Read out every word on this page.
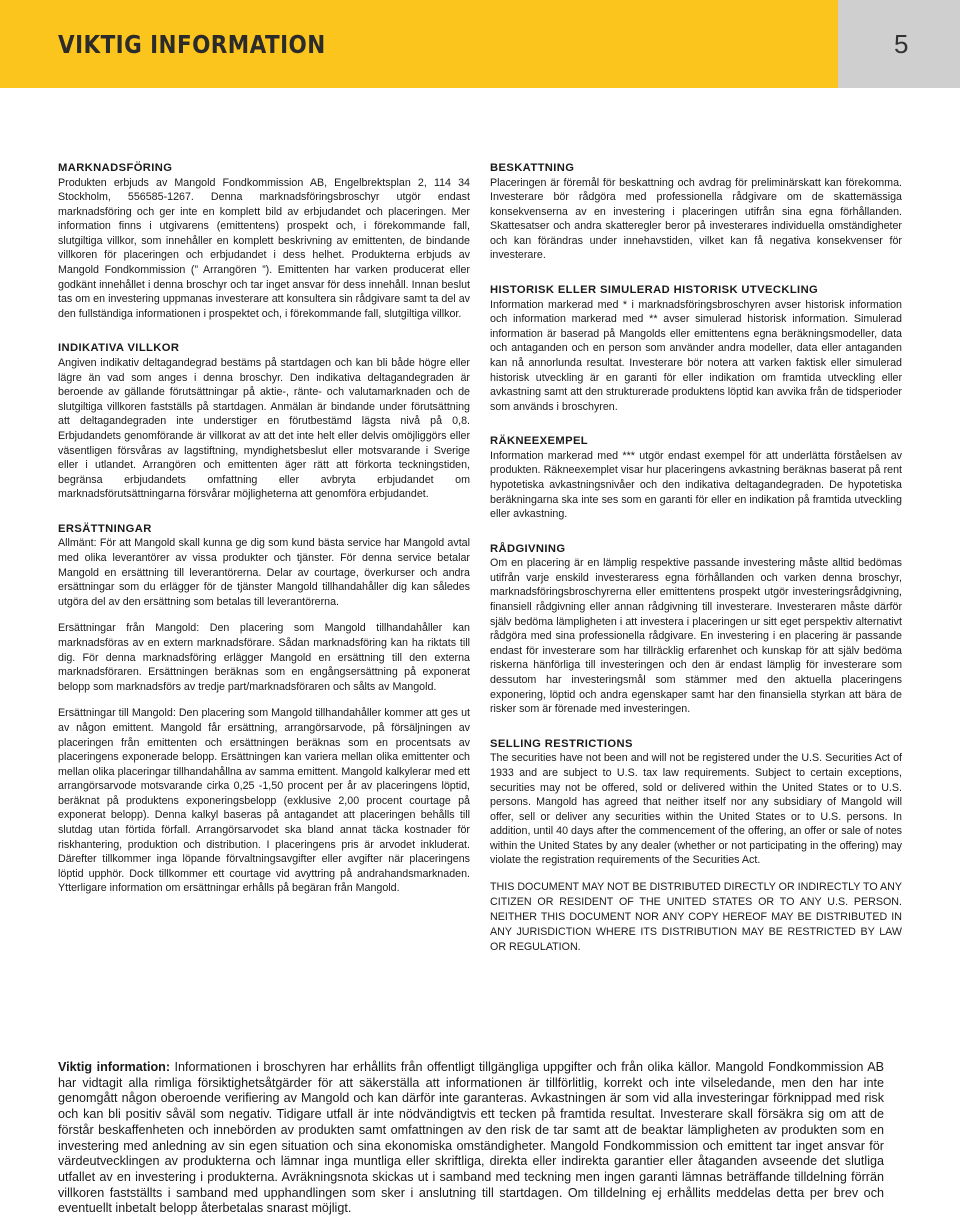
VIKTIG INFORMATION	5

MARKNADSFÖRING

Produkten erbjuds av Mangold Fondkommission AB, Engelbrektsplan 2, 114 34 Stockholm, 556585-1267. Denna marknadsföringsbroschyr utgör endast marknadsföring och ger inte en komplett bild av erbjudandet och placeringen. Mer information finns i utgivarens (emittentens) prospekt och, i förekommande fall, slutgiltiga villkor, som innehåller en komplett beskrivning av emittenten, de bindande villkoren för placeringen och erbjudandet i dess helhet. Produkterna erbjuds av Mangold Fondkommission (” Arrangören ”). Emittenten har varken producerat eller godkänt innehållet i denna broschyr och tar inget ansvar för dess innehåll. Innan beslut tas om en investering uppmanas investerare att konsultera sin rådgivare samt ta del av den fullständiga informationen i prospektet och, i förekommande fall, slutgiltiga villkor.

INDIKATIVA VILLKOR

Angiven indikativ deltagandegrad bestäms på startdagen och kan bli både högre eller lägre än vad som anges i denna broschyr. Den indikativa deltagandegraden är beroende av gällande förutsättningar på aktie-, ränte- och valutamarknaden och de slutgiltiga villkoren fastställs på startdagen. Anmälan är bindande under förutsättning att deltagandegraden inte understiger en förutbestämd lägsta nivå på 0,8. Erbjudandets genomförande är villkorat av att det inte helt eller delvis omöjliggörs eller väsentligen försvåras av lagstiftning, myndighetsbeslut eller motsvarande i Sverige eller i utlandet. Arrangören och emittenten äger rätt att förkorta teckningstiden, begränsa erbjudandets omfattning eller avbryta erbjudandet om marknadsförutsättningarna försvårar möjligheterna att genomföra erbjudandet.

ERSÄTTNINGAR

Allmänt: För att Mangold skall kunna ge dig som kund bästa service har Mangold avtal med olika leverantörer av vissa produkter och tjänster. För denna service betalar Mangold en ersättning till leverantörerna. Delar av courtage, överkurser och andra ersättningar som du erlägger för de tjänster Mangold tillhandahåller dig kan således utgöra del av den ersättning som betalas till leverantörerna.

Ersättningar från Mangold: Den placering som Mangold tillhandahåller kan marknadsföras av en extern marknadsförare. Sådan marknadsföring kan ha riktats till dig. För denna marknadsföring erlägger Mangold en ersättning till den externa marknadsföraren. Ersättningen beräknas som en engångsersättning på exponerat belopp som marknadsförs av tredje part/marknadsföraren och sålts av Mangold.

Ersättningar till Mangold: Den placering som Mangold tillhandahåller kommer att ges ut av någon emittent. Mangold får ersättning, arrangörsarvode, på försäljningen av placeringen från emittenten och ersättningen beräknas som en procentsats av placeringens exponerade belopp. Ersättningen kan variera mellan olika emittenter och mellan olika placeringar tillhandahållna av samma emittent. Mangold kalkylerar med ett arrangörsarvode motsvarande cirka 0,25 -1,50 procent per år av placeringens löptid, beräknat på produktens exponeringsbelopp (exklusive 2,00 procent courtage på exponerat belopp). Denna kalkyl baseras på antagandet att placeringen behålls till slutdag utan förtida förfall. Arrangörsarvodet ska bland annat täcka kostnader för riskhantering, produktion och distribution. I placeringens pris är arvodet inkluderat. Därefter tillkommer inga löpande förvaltningsavgifter eller avgifter när placeringens löptid upphör. Dock tillkommer ett courtage vid avyttring på andrahandsmarknaden. Ytterligare information om ersättningar erhålls på begäran från Mangold.

BESKATTNING

Placeringen är föremål för beskattning och avdrag för preliminärskatt kan förekomma. Investerare bör rådgöra med professionella rådgivare om de skattemässiga konsekvenserna av en investering i placeringen utifrån sina egna förhållanden. Skattesatser och andra skatteregler beror på investerares individuella omständigheter och kan förändras under innehavstiden, vilket kan få negativa konsekvenser för investerare.

HISTORISK ELLER SIMULERAD HISTORISK UTVECKLING

Information markerad med * i marknadsföringsbroschyren avser historisk information och information markerad med ** avser simulerad historisk information. Simulerad information är baserad på Mangolds eller emittentens egna beräkningsmodeller, data och antaganden och en person som använder andra modeller, data eller antaganden kan nå annorlunda resultat. Investerare bör notera att varken faktisk eller simulerad historisk utveckling är en garanti för eller indikation om framtida utveckling eller avkastning samt att den strukturerade produktens löptid kan avvika från de tidsperioder som används i broschyren.

RÄKNEEXEMPEL

Information markerad med *** utgör endast exempel för att underlätta förståelsen av produkten. Räkneexemplet visar hur placeringens avkastning beräknas baserat på rent hypotetiska avkastningsnivåer och den indikativa deltagandegraden. De hypotetiska beräkningarna ska inte ses som en garanti för eller en indikation på framtida utveckling eller avkastning.

RÅDGIVNING

Om en placering är en lämplig respektive passande investering måste alltid bedömas utifrån varje enskild investeraress egna förhållanden och varken denna broschyr, marknadsföringsbroschyrerna eller emittentens prospekt utgör investeringsrådgivning, finansiell rådgivning eller annan rådgivning till investerare. Investeraren måste därför själv bedöma lämpligheten i att investera i placeringen ur sitt eget perspektiv alternativt rådgöra med sina professionella rådgivare. En investering i en placering är passande endast för investerare som har tillräcklig erfarenhet och kunskap för att själv bedöma riskerna hänförliga till investeringen och den är endast lämplig för investerare som dessutom har investeringsmål som stämmer med den aktuella placeringens exponering, löptid och andra egenskaper samt har den finansiella styrkan att bära de risker som är förenade med investeringen.

SELLING RESTRICTIONS

The securities have not been and will not be registered under the U.S. Securities Act of 1933 and are subject to U.S. tax law requirements. Subject to certain exceptions, securities may not be offered, sold or delivered within the United States or to U.S. persons. Mangold has agreed that neither itself nor any subsidiary of Mangold will offer, sell or deliver any securities within the United States or to U.S. persons. In addition, until 40 days after the commencement of the offering, an offer or sale of notes within the United States by any dealer (whether or not participating in the offering) may violate the registration requirements of the Securities Act.

THIS DOCUMENT MAY NOT BE DISTRIBUTED DIRECTLY OR INDIRECTLY TO ANY CITIZEN OR RESIDENT OF THE UNITED STATES OR TO ANY U.S. PERSON. NEITHER THIS DOCUMENT NOR ANY COPY HEREOF MAY BE DISTRIBUTED IN ANY JURISDICTION WHERE ITS DISTRIBUTION MAY BE RESTRICTED BY LAW OR REGULATION.

Viktig information: Informationen i broschyren har erhållits från offentligt tillgängliga uppgifter och från olika källor. Mangold Fondkommission AB har vidtagit alla rimliga försiktighetsåtgärder för att säkerställa att informationen är tillförlitlig, korrekt och inte vilseledande, men den har inte genomgått någon oberoende verifiering av Mangold och kan därför inte garanteras. Avkastningen är som vid alla investeringar förknippad med risk och kan bli positiv såväl som negativ. Tidigare utfall är inte nödvändigtvis ett tecken på framtida resultat. Investerare skall försäkra sig om att de förstår beskaffenheten och innebörden av produkten samt omfattningen av den risk de tar samt att de beaktar lämpligheten av produkten som en investering med anledning av sin egen situation och sina ekonomiska omständigheter. Mangold Fondkommission och emittent tar inget ansvar för värdeutvecklingen av produkterna och lämnar inga muntliga eller skriftliga, direkta eller indirekta garantier eller åtaganden avseende det slutliga utfallet av en investering i produkterna. Avräkningsnota skickas ut i samband med teckning men ingen garanti lämnas beträffande tilldelning förrän villkoren fastställts i samband med upphandlingen som sker i anslutning till startdagen. Om tilldelning ej erhållits meddelas detta per brev och eventuellt inbetalt belopp återbetalas snarast möjligt.
